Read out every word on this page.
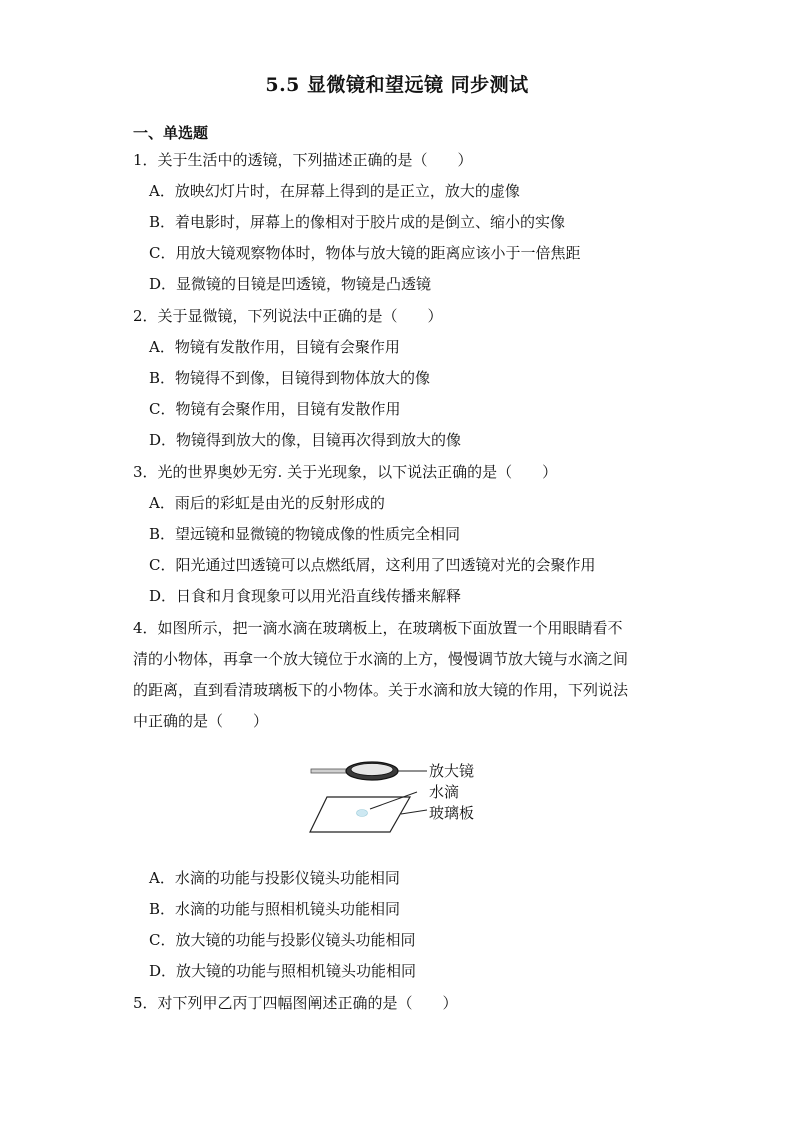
5.5 显微镜和望远镜 同步测试
一、单选题
1．关于生活中的透镜，下列描述正确的是（　　）
A．放映幻灯片时，在屏幕上得到的是正立，放大的虚像
B．着电影时，屏幕上的像相对于胶片成的是倒立、缩小的实像
C．用放大镜观察物体时，物体与放大镜的距离应该小于一倍焦距
D．显微镜的目镜是凹透镜，物镜是凸透镜
2．关于显微镜，下列说法中正确的是（　　）
A．物镜有发散作用，目镜有会聚作用
B．物镜得不到像，目镜得到物体放大的像
C．物镜有会聚作用，目镜有发散作用
D．物镜得到放大的像，目镜再次得到放大的像
3．光的世界奥妙无穷. 关于光现象，以下说法正确的是（　　）
A．雨后的彩虹是由光的反射形成的
B．望远镜和显微镜的物镜成像的性质完全相同
C．阳光通过凹透镜可以点燃纸屑，这利用了凹透镜对光的会聚作用
D．日食和月食现象可以用光沿直线传播来解释
4．如图所示，把一滴水滴在玻璃板上，在玻璃板下面放置一个用眼睛看不
清的小物体，再拿一个放大镜位于水滴的上方，慢慢调节放大镜与水滴之间
的距离，直到看清玻璃板下的小物体。关于水滴和放大镜的作用，下列说法
中正确的是（　　）
放大镜
水滴
玻璃板
A．水滴的功能与投影仪镜头功能相同
B．水滴的功能与照相机镜头功能相同
C．放大镜的功能与投影仪镜头功能相同
D．放大镜的功能与照相机镜头功能相同
5．对下列甲乙丙丁四幅图阐述正确的是（　　）
